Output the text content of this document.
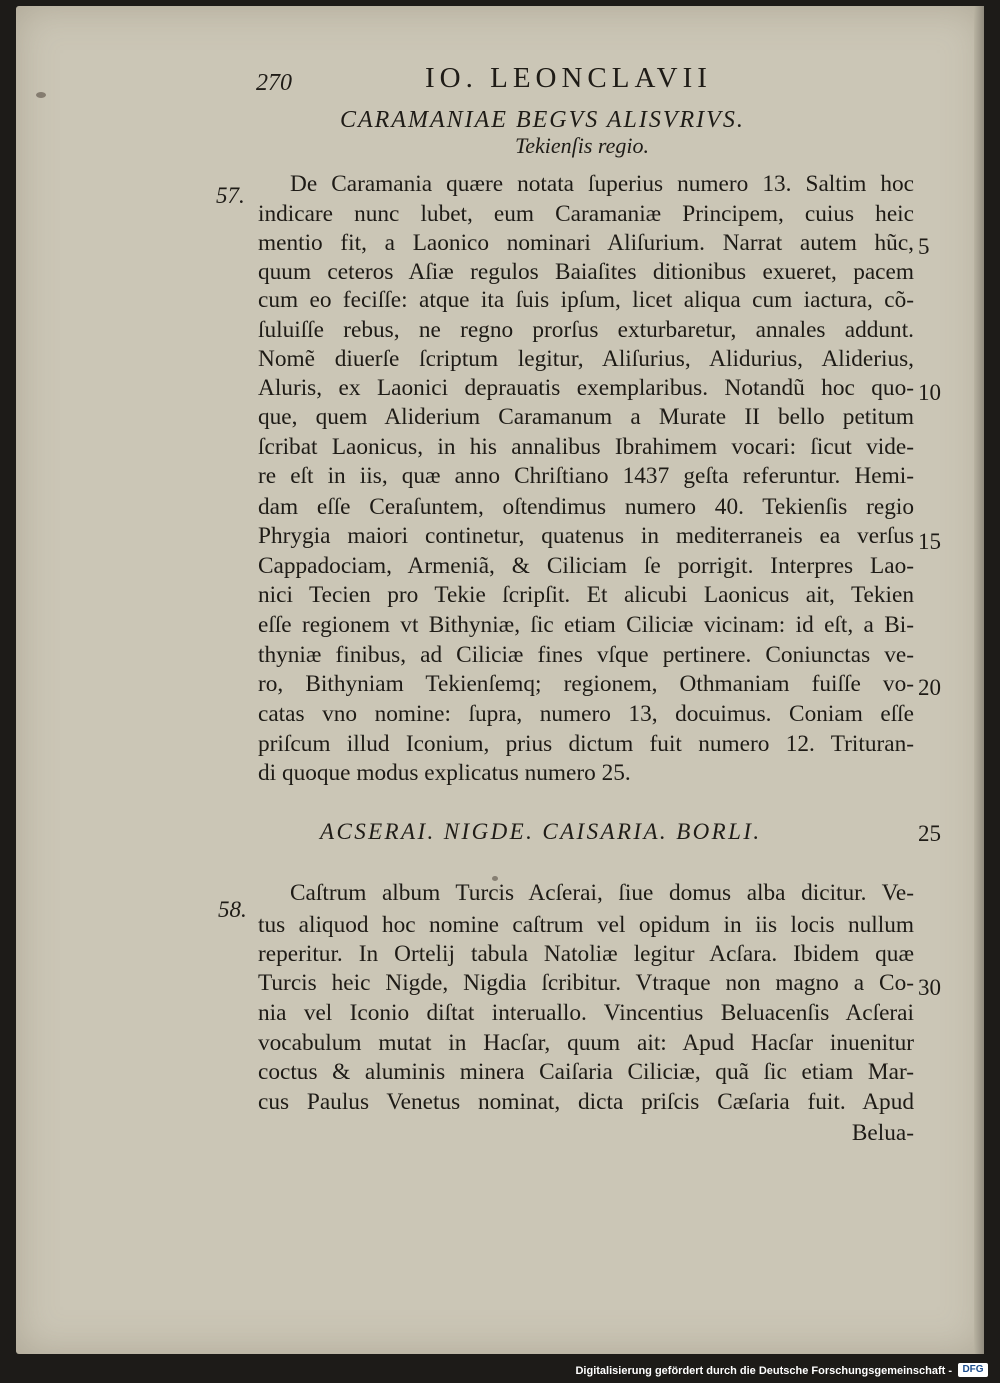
270	IO. LEONCLAVII
CARAMANIAE BEGVS ALISVRIVS.
Tekienſis regio.
57. De Caramania quære notata ſuperius numero 13. Saltim hoc
indicare nunc lubet, eum Caramaniæ Principem, cuius heic
mentio fit, a Laonico nominari Aliſurium. Narrat autem hũc,
quum ceteros Aſiæ regulos Baiaſites ditionibus exueret, pacem
cum eo feciſſe: atque ita ſuis ipſum, licet aliqua cum iactura, cõ-
ſuluiſſe rebus, ne regno prorſus exturbaretur, annales addunt.
Nomẽ diuerſe ſcriptum legitur, Aliſurius, Alidurius, Aliderius,
Aluris, ex Laonici deprauatis exemplaribus. Notandũ hoc quo-
que, quem Aliderium Caramanum a Murate II bello petitum
ſcribat Laonicus, in his annalibus Ibrahimem vocari: ſicut vide-
re eſt in iis, quæ anno Chriſtiano 1437 geſta referuntur. Hemi-
dam eſſe Ceraſuntem, oſtendimus numero 40. Tekienſis regio
Phrygia maiori continetur, quatenus in mediterraneis ea verſus
Cappadociam, Armeniã, & Ciliciam ſe porrigit. Interpres Lao-
nici Tecien pro Tekie ſcripſit. Et alicubi Laonicus ait, Tekien
eſſe regionem vt Bithyniæ, ſic etiam Ciliciæ vicinam: id eſt, a Bi-
thyniæ finibus, ad Ciliciæ fines vſque pertinere. Coniunctas ve-
ro, Bithyniam Tekienſemq; regionem, Othmaniam fuiſſe vo-
catas vno nomine: ſupra, numero 13, docuimus. Coniam eſſe
priſcum illud Iconium, prius dictum fuit numero 12. Trituran-
di quoque modus explicatus numero 25.
ACSERAI. NIGDE. CAISARIA. BORLI.
58.
Caſtrum album Turcis Acſerai, ſiue domus alba dicitur. Ve-
tus aliquod hoc nomine caſtrum vel opidum in iis locis nullum
reperitur. In Ortelij tabula Natoliæ legitur Acſara. Ibidem quæ
Turcis heic Nigde, Nigdia ſcribitur. Vtraque non magno a Co-
nia vel Iconio diſtat interuallo. Vincentius Beluacenſis Acſerai
vocabulum mutat in Hacſar, quum ait: Apud Hacſar inuenitur
coctus & aluminis minera Caiſaria Ciliciæ, quã ſic etiam Mar-
cus Paulus Venetus nominat, dicta priſcis Cæſaria fuit. Apud
Belua-
5
10
15
20
25
30
Digitalisierung gefördert durch die Deutsche Forschungsgemeinschaft -	DFG
